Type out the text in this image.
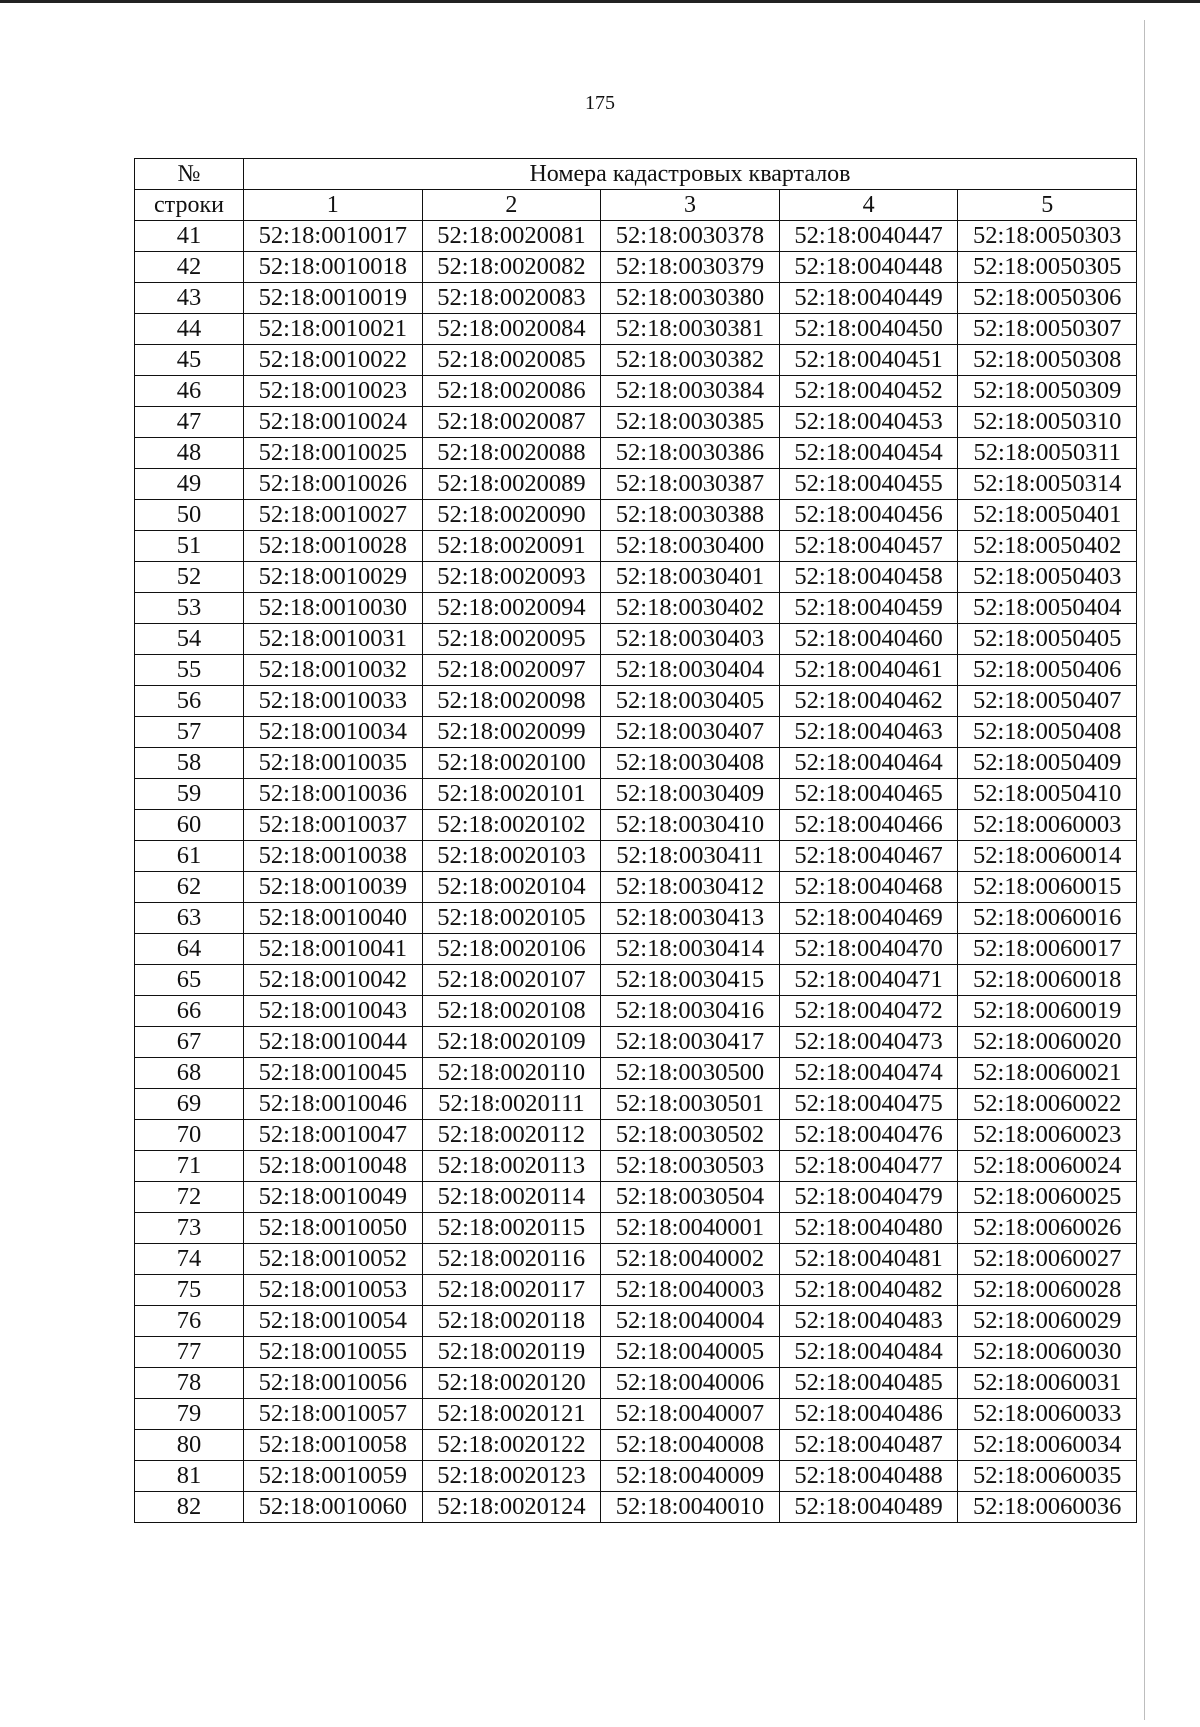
175
№	Номера кадастровых кварталов				
строки	1	2	3	4	5
41	52:18:0010017	52:18:0020081	52:18:0030378	52:18:0040447	52:18:0050303
42	52:18:0010018	52:18:0020082	52:18:0030379	52:18:0040448	52:18:0050305
43	52:18:0010019	52:18:0020083	52:18:0030380	52:18:0040449	52:18:0050306
44	52:18:0010021	52:18:0020084	52:18:0030381	52:18:0040450	52:18:0050307
45	52:18:0010022	52:18:0020085	52:18:0030382	52:18:0040451	52:18:0050308
46	52:18:0010023	52:18:0020086	52:18:0030384	52:18:0040452	52:18:0050309
47	52:18:0010024	52:18:0020087	52:18:0030385	52:18:0040453	52:18:0050310
48	52:18:0010025	52:18:0020088	52:18:0030386	52:18:0040454	52:18:0050311
49	52:18:0010026	52:18:0020089	52:18:0030387	52:18:0040455	52:18:0050314
50	52:18:0010027	52:18:0020090	52:18:0030388	52:18:0040456	52:18:0050401
51	52:18:0010028	52:18:0020091	52:18:0030400	52:18:0040457	52:18:0050402
52	52:18:0010029	52:18:0020093	52:18:0030401	52:18:0040458	52:18:0050403
53	52:18:0010030	52:18:0020094	52:18:0030402	52:18:0040459	52:18:0050404
54	52:18:0010031	52:18:0020095	52:18:0030403	52:18:0040460	52:18:0050405
55	52:18:0010032	52:18:0020097	52:18:0030404	52:18:0040461	52:18:0050406
56	52:18:0010033	52:18:0020098	52:18:0030405	52:18:0040462	52:18:0050407
57	52:18:0010034	52:18:0020099	52:18:0030407	52:18:0040463	52:18:0050408
58	52:18:0010035	52:18:0020100	52:18:0030408	52:18:0040464	52:18:0050409
59	52:18:0010036	52:18:0020101	52:18:0030409	52:18:0040465	52:18:0050410
60	52:18:0010037	52:18:0020102	52:18:0030410	52:18:0040466	52:18:0060003
61	52:18:0010038	52:18:0020103	52:18:0030411	52:18:0040467	52:18:0060014
62	52:18:0010039	52:18:0020104	52:18:0030412	52:18:0040468	52:18:0060015
63	52:18:0010040	52:18:0020105	52:18:0030413	52:18:0040469	52:18:0060016
64	52:18:0010041	52:18:0020106	52:18:0030414	52:18:0040470	52:18:0060017
65	52:18:0010042	52:18:0020107	52:18:0030415	52:18:0040471	52:18:0060018
66	52:18:0010043	52:18:0020108	52:18:0030416	52:18:0040472	52:18:0060019
67	52:18:0010044	52:18:0020109	52:18:0030417	52:18:0040473	52:18:0060020
68	52:18:0010045	52:18:0020110	52:18:0030500	52:18:0040474	52:18:0060021
69	52:18:0010046	52:18:0020111	52:18:0030501	52:18:0040475	52:18:0060022
70	52:18:0010047	52:18:0020112	52:18:0030502	52:18:0040476	52:18:0060023
71	52:18:0010048	52:18:0020113	52:18:0030503	52:18:0040477	52:18:0060024
72	52:18:0010049	52:18:0020114	52:18:0030504	52:18:0040479	52:18:0060025
73	52:18:0010050	52:18:0020115	52:18:0040001	52:18:0040480	52:18:0060026
74	52:18:0010052	52:18:0020116	52:18:0040002	52:18:0040481	52:18:0060027
75	52:18:0010053	52:18:0020117	52:18:0040003	52:18:0040482	52:18:0060028
76	52:18:0010054	52:18:0020118	52:18:0040004	52:18:0040483	52:18:0060029
77	52:18:0010055	52:18:0020119	52:18:0040005	52:18:0040484	52:18:0060030
78	52:18:0010056	52:18:0020120	52:18:0040006	52:18:0040485	52:18:0060031
79	52:18:0010057	52:18:0020121	52:18:0040007	52:18:0040486	52:18:0060033
80	52:18:0010058	52:18:0020122	52:18:0040008	52:18:0040487	52:18:0060034
81	52:18:0010059	52:18:0020123	52:18:0040009	52:18:0040488	52:18:0060035
82	52:18:0010060	52:18:0020124	52:18:0040010	52:18:0040489	52:18:0060036
